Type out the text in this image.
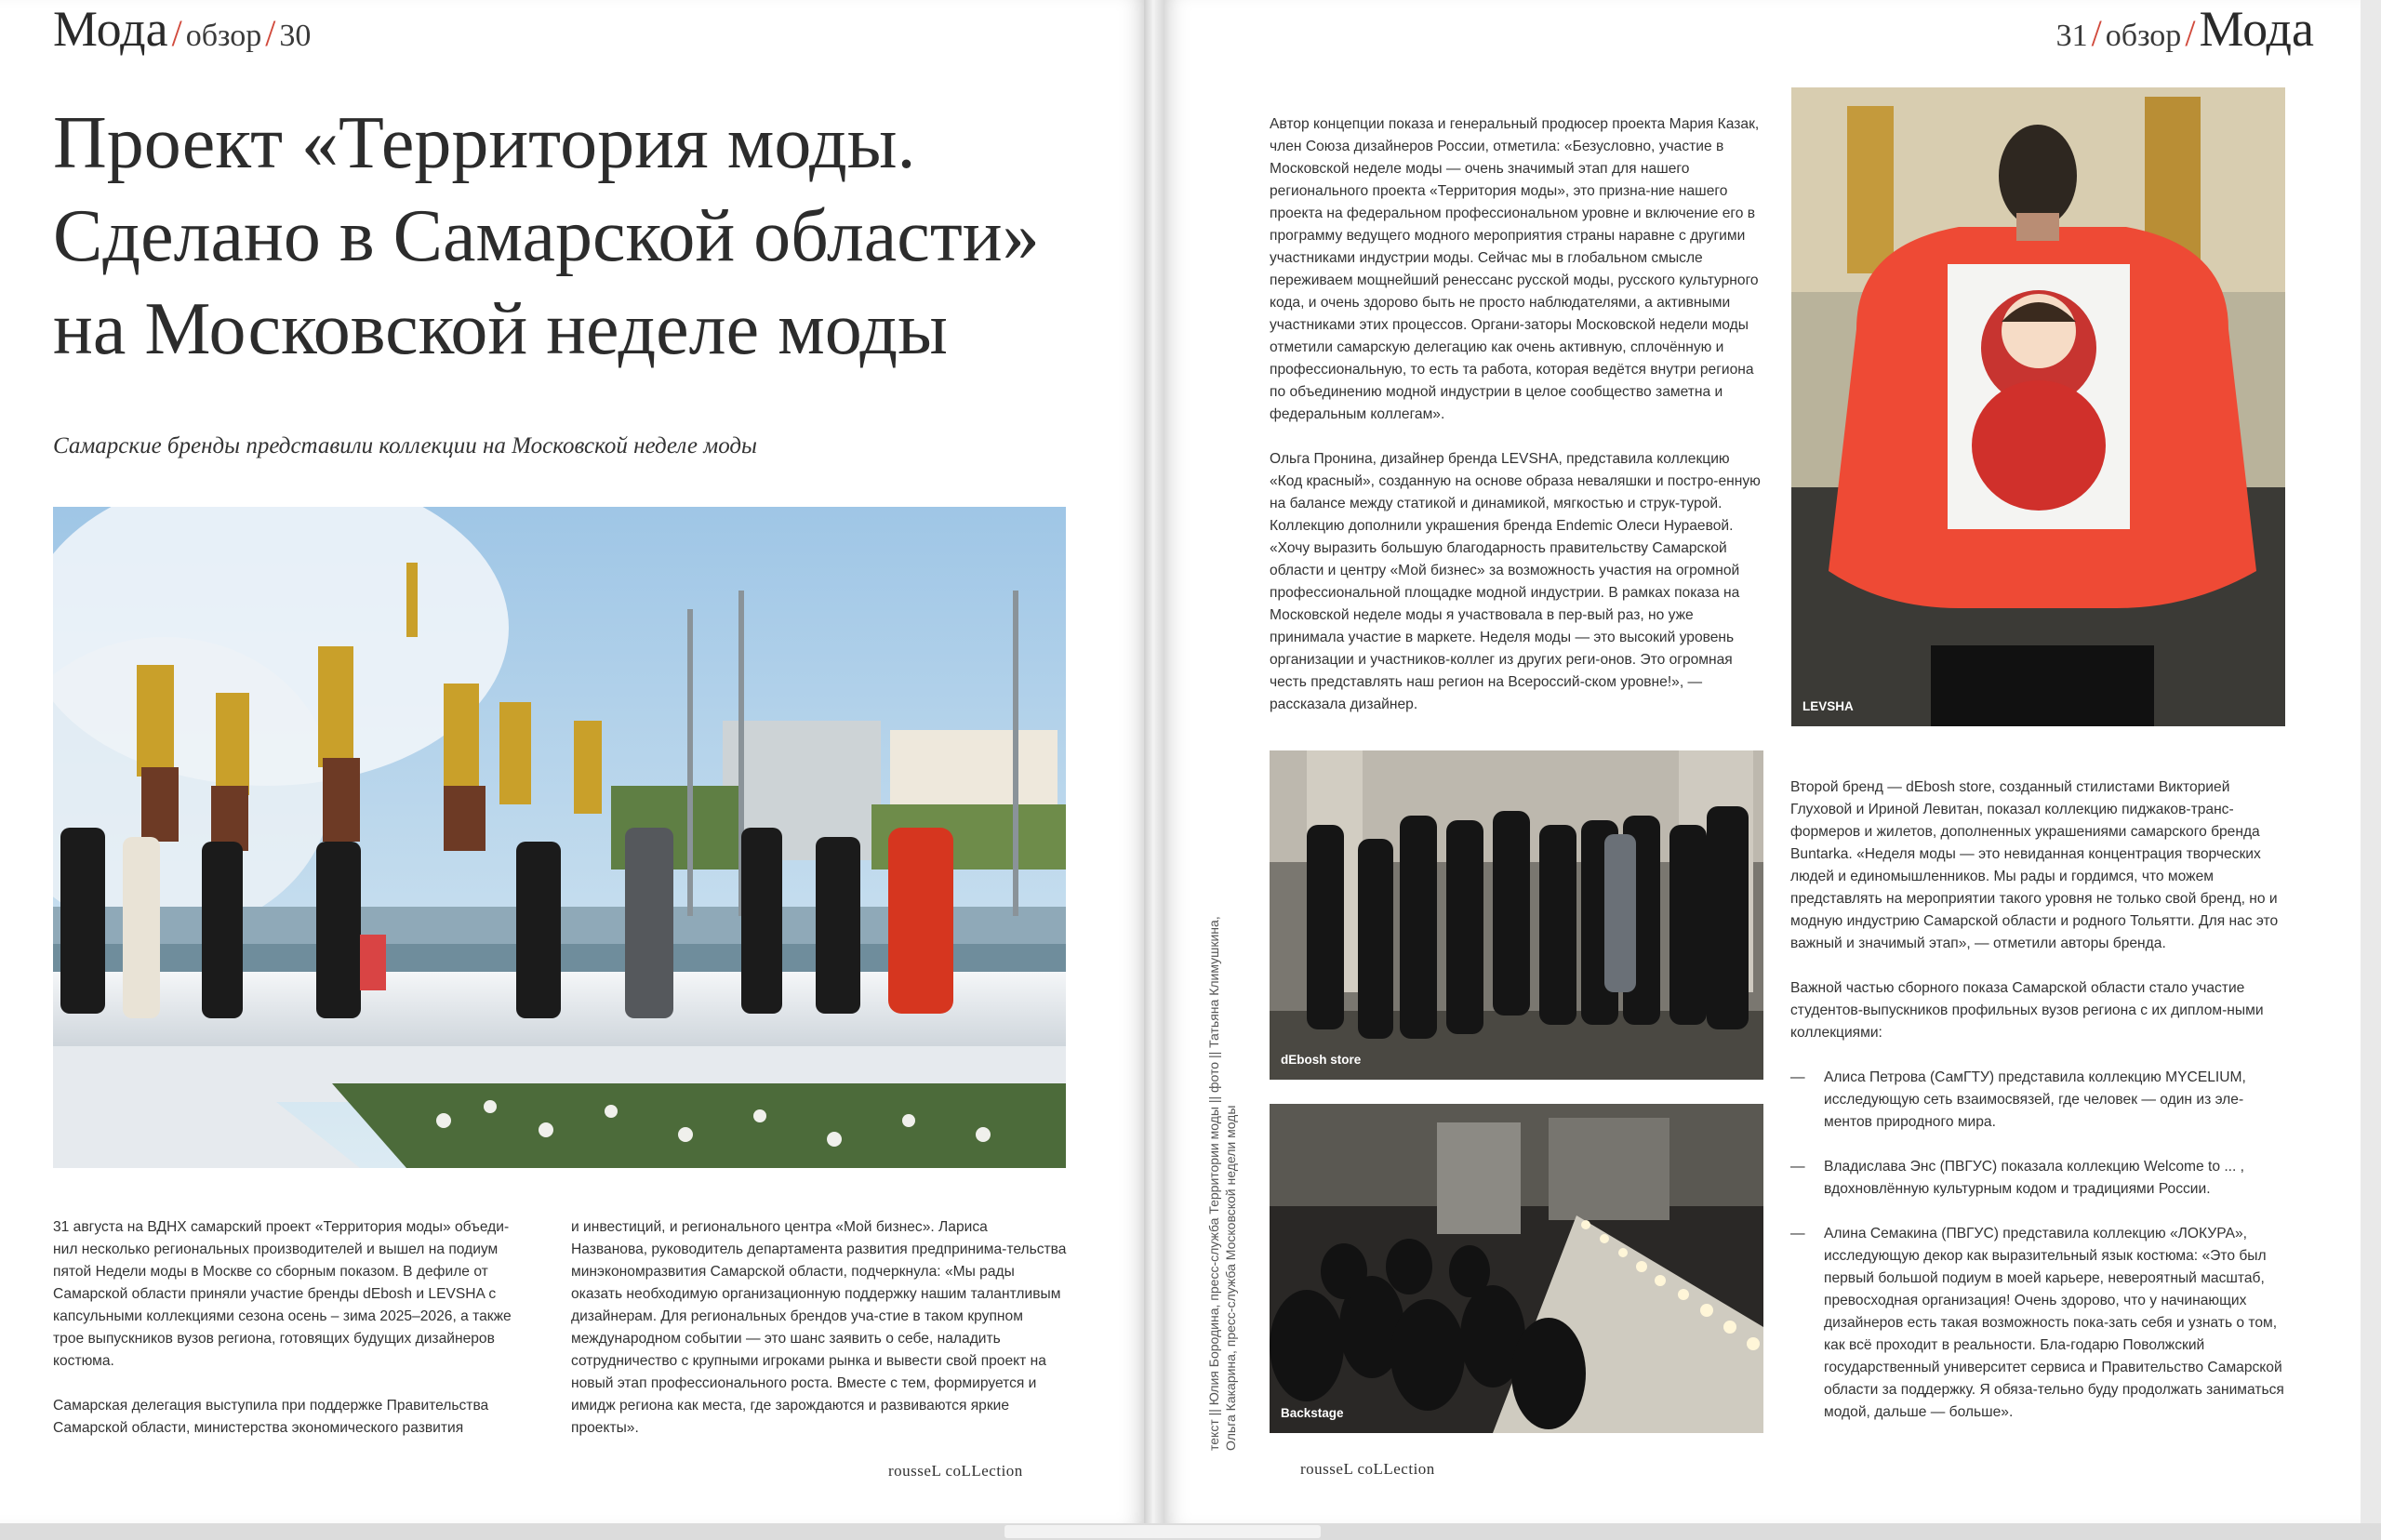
Мода / обзор / 30
Проект «Территория моды.
Сделано в Самарской области»
на Московской неделе моды
Самарские бренды представили коллекции на Московской неделе моды

31 августа на ВДНХ самарский проект «Территория моды» объеди-нил несколько региональных производителей и вышел на подиум пятой Недели моды в Москве со сборным показом. В дефиле от Самарской области приняли участие бренды dEbosh и LEVSHA с капсульными коллекциями сезона осень – зима 2025–2026, а также трое выпускников вузов региона, готовящих будущих дизайнеров костюма.

Самарская делегация выступила при поддержке Правительства Самарской области, министерства экономического развития

и инвестиций, и регионального центра «Мой бизнес». Лариса Названова, руководитель департамента развития предпринима-тельства минэкономразвития Самарской области, подчеркнула: «Мы рады оказать необходимую организационную поддержку нашим талантливым дизайнерам. Для региональных брендов уча-стие в таком крупном международном событии — это шанс заявить о себе, наладить сотрудничество с крупными игроками рынка и вывести свой проект на новый этап профессионального роста. Вместе с тем, формируется и имидж региона как места, где зарождаются и развиваются яркие проекты».

rousseL coLLection
31 / обзор /Мода

Автор концепции показа и генеральный продюсер проекта Мария Казак, член Союза дизайнеров России, отметила: «Безусловно, участие в Московской неделе моды — очень значимый этап для нашего регионального проекта «Территория моды», это призна-ние нашего проекта на федеральном профессиональном уровне и включение его в программу ведущего модного мероприятия страны наравне с другими участниками индустрии моды. Сейчас мы в глобальном смысле переживаем мощнейший ренессанс русской моды, русского культурного кода, и очень здорово быть не просто наблюдателями, а активными участниками этих процессов. Органи-заторы Московской недели моды отметили самарскую делегацию как очень активную, сплочённую и профессиональную, то есть та работа, которая ведётся внутри региона по объединению модной индустрии в целое сообщество заметна и федеральным коллегам».

Ольга Пронина, дизайнер бренда LEVSHA, представила коллекцию «Код красный», созданную на основе образа неваляшки и постро-енную на балансе между статикой и динамикой, мягкостью и струк-турой. Коллекцию дополнили украшения бренда Endemic Олеси Нураевой. «Хочу выразить большую благодарность правительству Самарской области и центру «Мой бизнес» за возможность участия на огромной профессиональной площадке модной индустрии. В рамках показа на Московской неделе моды я участвовала в пер-вый раз, но уже принимала участие в маркете. Неделя моды — это высокий уровень организации и участников-коллег из других реги-онов. Это огромная честь представлять наш регион на Всероссий-ском уровне!», — рассказала дизайнер.	LEVSHA
dEbosh store
Backstage

Второй бренд — dEbosh store, созданный стилистами Викторией Глуховой и Ириной Левитан, показал коллекцию пиджаков-транс-формеров и жилетов, дополненных украшениями самарского бренда Buntarka. «Неделя моды — это невиданная концентрация творческих людей и единомышленников. Мы рады и гордимся, что можем представлять на мероприятии такого уровня не только свой бренд, но и модную индустрию Самарской области и родного Тольятти. Для нас это важный и значимый этап», — отметили авторы бренда.

Важной частью сборного показа Самарской области стало участие студентов-выпускников профильных вузов региона с их диплом-ными коллекциями:

— Алиса Петрова (СамГТУ) представила коллекцию MYCELIUM, исследующую сеть взаимосвязей, где человек — один из эле-ментов природного мира.
— Владислава Энс (ПВГУС) показала коллекцию Welcome to ... , вдохновлённую культурным кодом и традициями России.
— Алина Семакина (ПВГУС) представила коллекцию «ЛОКУРА», исследующую декор как выразительный язык костюма: «Это был первый большой подиум в моей карьере, невероятный масштаб, превосходная организация! Очень здорово, что у начинающих дизайнеров есть такая возможность пока-зать себя и узнать о том, как всё проходит в реальности. Бла-годарю Поволжский государственный университет сервиса и Правительство Самарской области за поддержку. Я обяза-тельно буду продолжать заниматься модой, дальше — больше».
rousseL coLLection
текст || Юлия Бородина, пресс-служба Территории моды || фото || Татьяна Климушкина, Ольга Какарина, пресс-служба Московской недели моды
